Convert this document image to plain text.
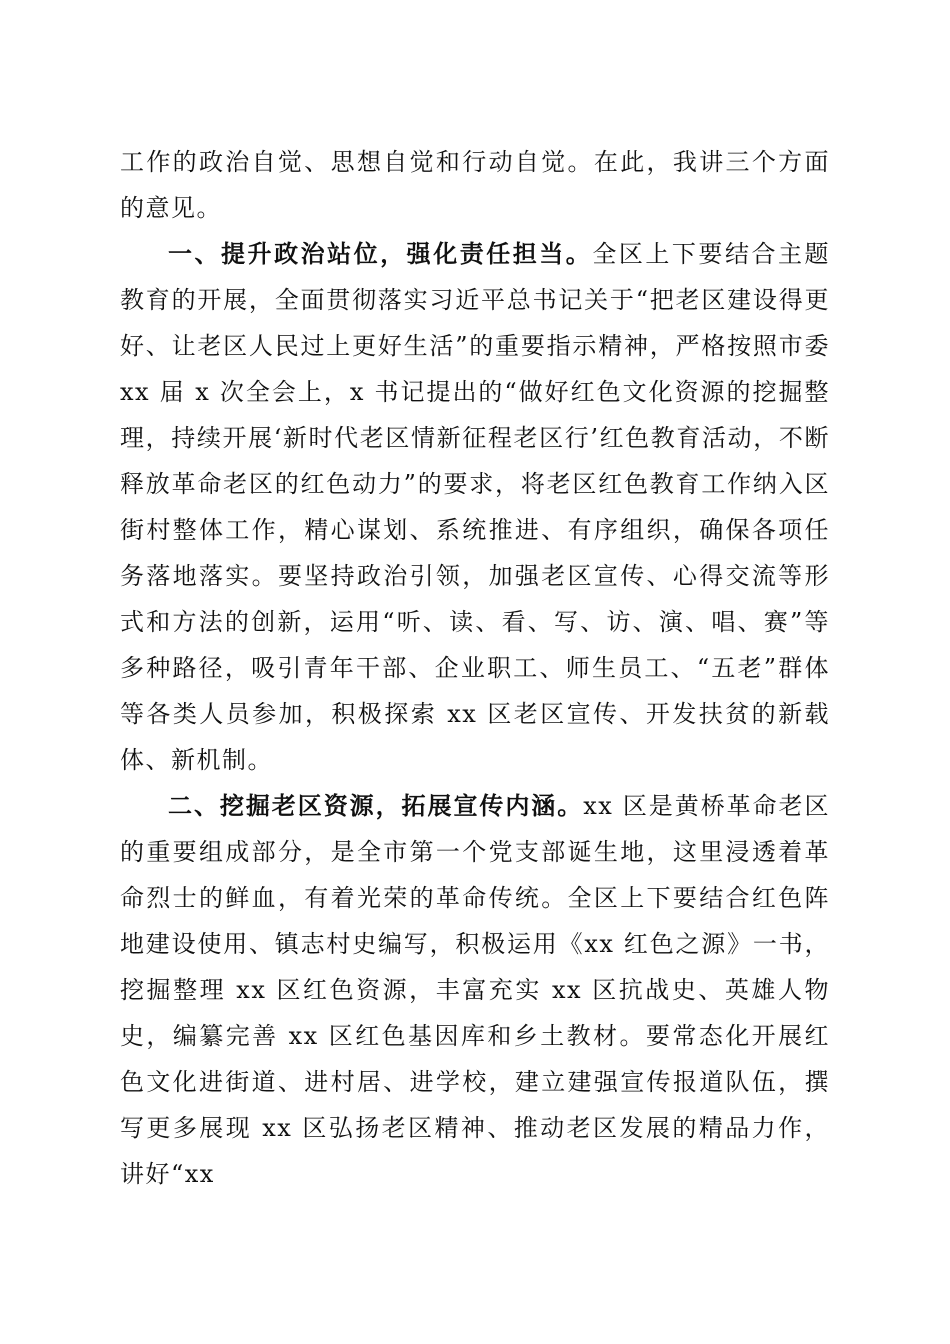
工作的政治自觉、思想自觉和行动自觉。在此，我讲三个方面的意见。

一、提升政治站位，强化责任担当。全区上下要结合主题教育的开展，全面贯彻落实习近平总书记关于“把老区建设得更好、让老区人民过上更好生活”的重要指示精神，严格按照市委 xx 届 x 次全会上，x 书记提出的“做好红色文化资源的挖掘整理，持续开展‘新时代老区情新征程老区行’红色教育活动，不断释放革命老区的红色动力”的要求，将老区红色教育工作纳入区街村整体工作，精心谋划、系统推进、有序组织，确保各项任务落地落实。要坚持政治引领，加强老区宣传、心得交流等形式和方法的创新，运用“听、读、看、写、访、演、唱、赛”等多种路径，吸引青年干部、企业职工、师生员工、“五老”群体等各类人员参加，积极探索 xx 区老区宣传、开发扶贫的新载体、新机制。

二、挖掘老区资源，拓展宣传内涵。xx 区是黄桥革命老区的重要组成部分，是全市第一个党支部诞生地，这里浸透着革命烈士的鲜血，有着光荣的革命传统。全区上下要结合红色阵地建设使用、镇志村史编写，积极运用《xx 红色之源》一书，挖掘整理 xx 区红色资源，丰富充实 xx 区抗战史、英雄人物史，编纂完善 xx 区红色基因库和乡土教材。要常态化开展红色文化进街道、进村居、进学校，建立建强宣传报道队伍，撰写更多展现 xx 区弘扬老区精神、推动老区发展的精品力作，讲好“xx
